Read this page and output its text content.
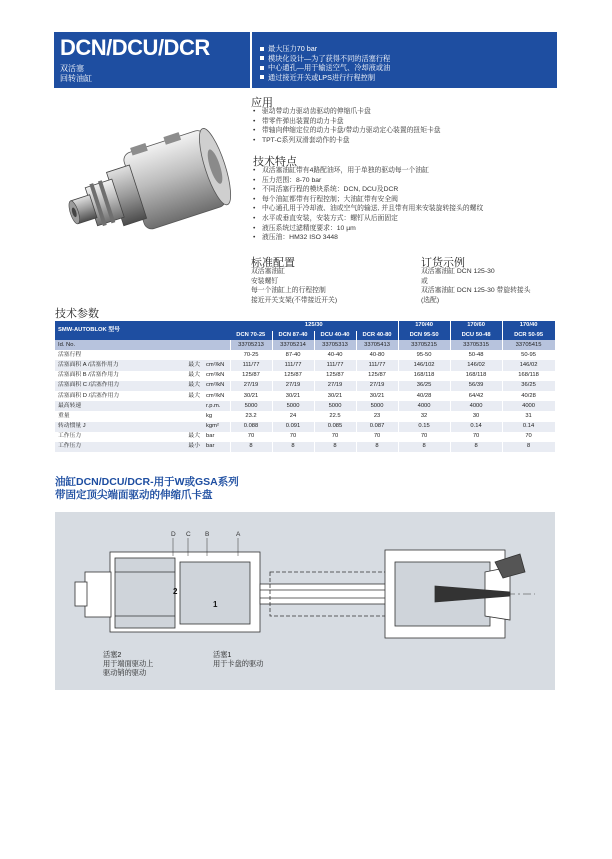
DCN/DCU/DCR
双活塞
回转油缸
最大压力70 bar
模块化设计—为了获得不同的活塞行程
中心通孔—用于输送空气、冷却液或油
通过接近开关或LPS进行行程控制
应用
• 驱动带动力驱动齿驱动的伸缩爪卡盘
• 带零件弹出装置的动力卡盘
• 带轴向伸缩定位的动力卡盘/带动力驱动定心装置的扭矩卡盘
• TPT-C系列双滑套动作的卡盘
技术特点
• 双活塞油缸带有4路配油环，用于单独的驱动每一个油缸
• 压力范围：8-70 bar
• 不同活塞行程的模块系统：DCN, DCU及DCR
• 每个油缸都带有行程控制；大油缸带有安全阀
• 中心通孔用于冷却液、油或空气的输送, 并且带有用来安装旋转接头的螺纹
• 水平或垂直安装，安装方式：螺钉从后面固定
• 液压系统过滤精度要求：10 µm
• 液压油：HM32 ISO 3448
标准配置
双活塞油缸
安装螺钉
每一个油缸上的行程控制
接近开关支架(不带接近开关)
订货示例
双活塞油缸 DCN 125-30
或
双活塞油缸 DCN 125-30 带旋转接头
(选配)
技术参数
SMW-AUTOBLOK 型号			125/30				170/40	170/60	170/40
			DCN 70-25	DCN 87-40	DCU 40-40	DCR 40-80	DCN 95-50	DCU 50-48	DCR 50-95
Id. No.			33705213	33705214	33705313	33705413	33705215	33705315	33705415
活塞行程			70-25	87-40	40-40	40-80	95-50	50-48	50-95
活塞面积 A /活塞作用力	最大	cm²/kN	111/77	111/77	111/77	111/77	146/102	146/02	146/02
活塞面积 B /活塞作用力	最大	cm²/kN	125/87	125/87	125/87	125/87	168/118	168/118	168/118
活塞面积 C /活塞作用力	最大	cm²/kN	27/19	27/19	27/19	27/19	36/25	56/39	36/25
活塞面积 D /活塞作用力	最大	cm²/kN	30/21	30/21	30/21	30/21	40/28	64/42	40/28
最高转速		r.p.m.	5000	5000	5000	5000	4000	4000	4000
重量		kg	23.2	24	22.5	23	32	30	31
转动惯量 J		kgm²	0.088	0.091	0.085	0.087	0.15	0.14	0.14
工作压力	最大	bar	70	70	70	70	70	70	70
工作压力	最小	bar	8	8	8	8	8	8	8
油缸DCN/DCU/DCR-用于W或GSA系列
带固定顶尖端面驱动的伸缩爪卡盘
D C B	A
2
1
活塞2
用于端面驱动上
驱动销的驱动
活塞1
用于卡盘的驱动
